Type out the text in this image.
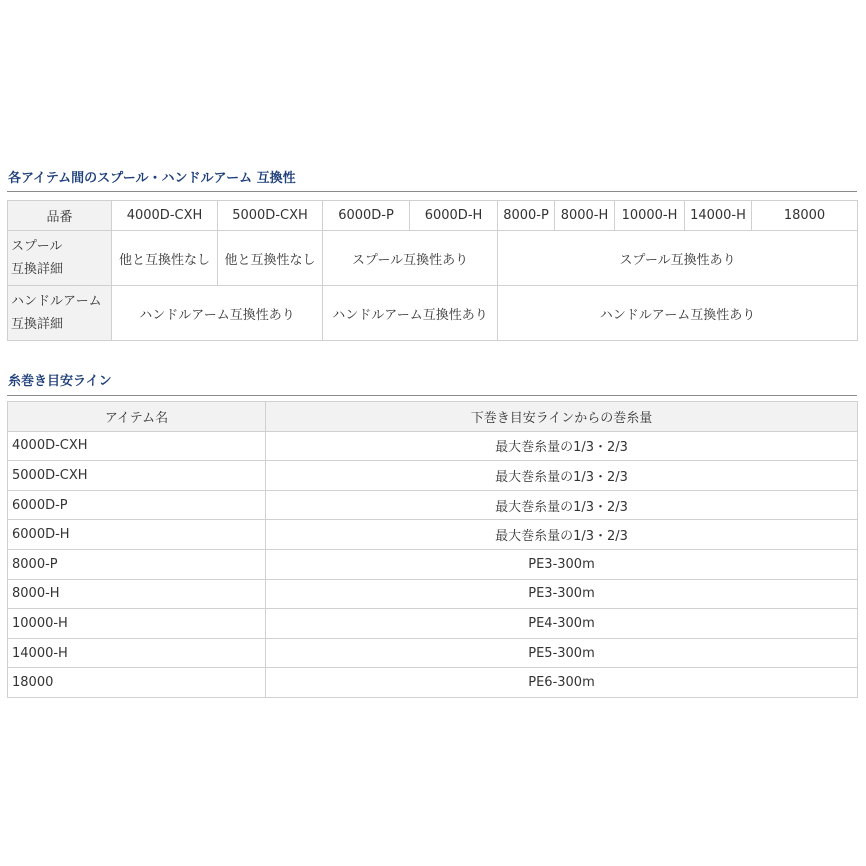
各アイテム間のスプール・ハンドルアーム 互換性
品番	4000D-CXH	5000D-CXH	6000D-P	6000D-H	8000-P	8000-H	10000-H	14000-H	18000	
スプール
互換詳細	他と互換性なし	他と互換性なし	スプール互換性あり		スプール互換性あり	
ハンドルアーム
互換詳細	ハンドルアーム互換性あり		ハンドルアーム互換性あり		ハンドルアーム互換性あり	
糸巻き目安ライン
アイテム名	下巻き目安ラインからの巻糸量
4000D-CXH	最大巻糸量の1/3・2/3
5000D-CXH	最大巻糸量の1/3・2/3
6000D-P	最大巻糸量の1/3・2/3
6000D-H	最大巻糸量の1/3・2/3
8000-P	PE3-300m
8000-H	PE3-300m
10000-H	PE4-300m
14000-H	PE5-300m
18000	PE6-300m
